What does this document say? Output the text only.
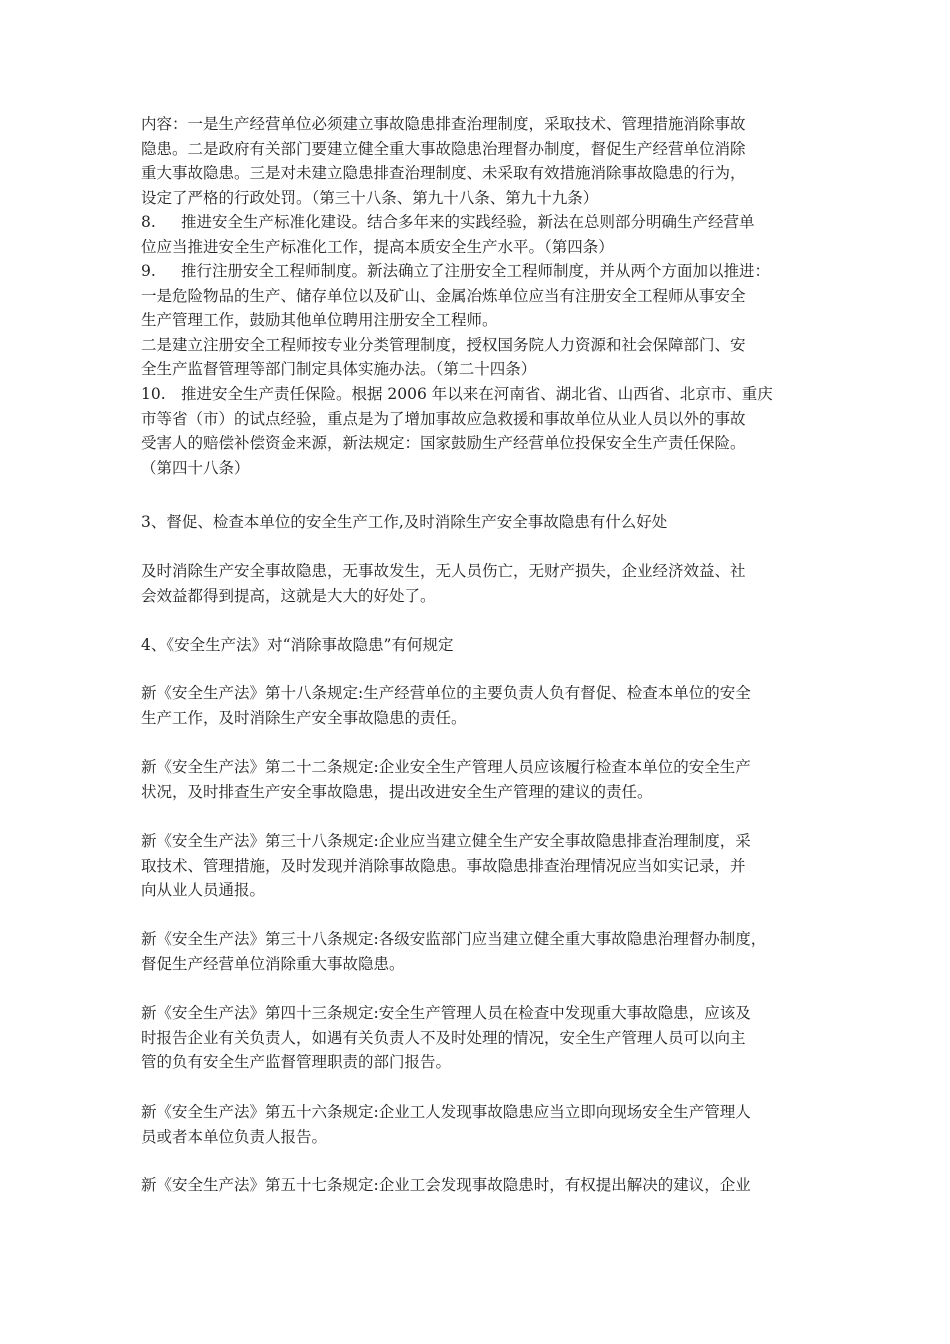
内容：一是生产经营单位必须建立事故隐患排查治理制度，采取技术、管理措施消除事故
隐患。二是政府有关部门要建立健全重大事故隐患治理督办制度，督促生产经营单位消除
重大事故隐患。三是对未建立隐患排查治理制度、未采取有效措施消除事故隐患的行为，
设定了严格的行政处罚。（第三十八条、第九十八条、第九十九条）
8. 推进安全生产标准化建设。结合多年来的实践经验，新法在总则部分明确生产经营单
位应当推进安全生产标准化工作，提高本质安全生产水平。（第四条）
9. 推行注册安全工程师制度。新法确立了注册安全工程师制度，并从两个方面加以推进：
一是危险物品的生产、储存单位以及矿山、金属冶炼单位应当有注册安全工程师从事安全
生产管理工作，鼓励其他单位聘用注册安全工程师。
二是建立注册安全工程师按专业分类管理制度，授权国务院人力资源和社会保障部门、安
全生产监督管理等部门制定具体实施办法。（第二十四条）
10. 推进安全生产责任保险。根据 2006 年以来在河南省、湖北省、山西省、北京市、重庆
市等省（市）的试点经验，重点是为了增加事故应急救援和事故单位从业人员以外的事故
受害人的赔偿补偿资金来源，新法规定：国家鼓励生产经营单位投保安全生产责任保险。
（第四十八条）
3、督促、检查本单位的安全生产工作,及时消除生产安全事故隐患有什么好处
及时消除生产安全事故隐患，无事故发生，无人员伤亡，无财产损失，企业经济效益、社
会效益都得到提高，这就是大大的好处了。
4、《安全生产法》对“消除事故隐患”有何规定
新《安全生产法》第十八条规定:生产经营单位的主要负责人负有督促、检查本单位的安全
生产工作，及时消除生产安全事故隐患的责任。
新《安全生产法》第二十二条规定:企业安全生产管理人员应该履行检查本单位的安全生产
状况，及时排查生产安全事故隐患，提出改进安全生产管理的建议的责任。
新《安全生产法》第三十八条规定:企业应当建立健全生产安全事故隐患排查治理制度，采
取技术、管理措施，及时发现并消除事故隐患。事故隐患排查治理情况应当如实记录，并
向从业人员通报。
新《安全生产法》第三十八条规定:各级安监部门应当建立健全重大事故隐患治理督办制度，
督促生产经营单位消除重大事故隐患。
新《安全生产法》第四十三条规定:安全生产管理人员在检查中发现重大事故隐患，应该及
时报告企业有关负责人，如遇有关负责人不及时处理的情况，安全生产管理人员可以向主
管的负有安全生产监督管理职责的部门报告。
新《安全生产法》第五十六条规定:企业工人发现事故隐患应当立即向现场安全生产管理人
员或者本单位负责人报告。
新《安全生产法》第五十七条规定:企业工会发现事故隐患时，有权提出解决的建议，企业
